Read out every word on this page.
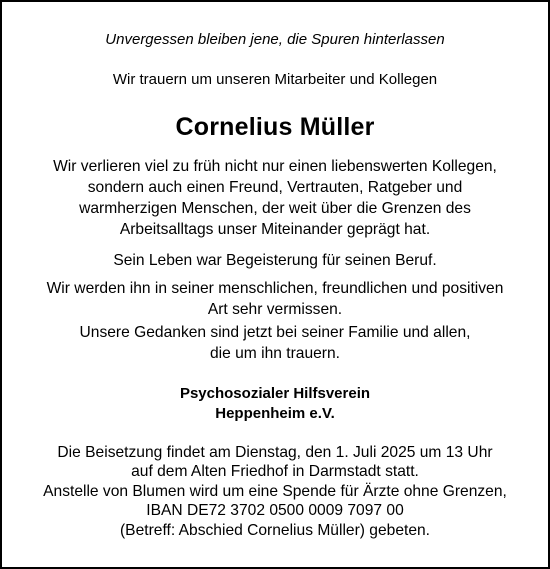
Unvergessen bleiben jene, die Spuren hinterlassen
Wir trauern um unseren Mitarbeiter und Kollegen
Cornelius Müller
Wir verlieren viel zu früh nicht nur einen liebenswerten Kollegen,
sondern auch einen Freund, Vertrauten, Ratgeber und
warmherzigen Menschen, der weit über die Grenzen des
Arbeitsalltags unser Miteinander geprägt hat.
Sein Leben war Begeisterung für seinen Beruf.
Wir werden ihn in seiner menschlichen, freundlichen und positiven
Art sehr vermissen.
Unsere Gedanken sind jetzt bei seiner Familie und allen,
die um ihn trauern.
Psychosozialer Hilfsverein
Heppenheim e.V.
Die Beisetzung findet am Dienstag, den 1. Juli 2025 um 13 Uhr
auf dem Alten Friedhof in Darmstadt statt.
Anstelle von Blumen wird um eine Spende für Ärzte ohne Grenzen,
IBAN DE72 3702 0500 0009 7097 00
(Betreff: Abschied Cornelius Müller) gebeten.
